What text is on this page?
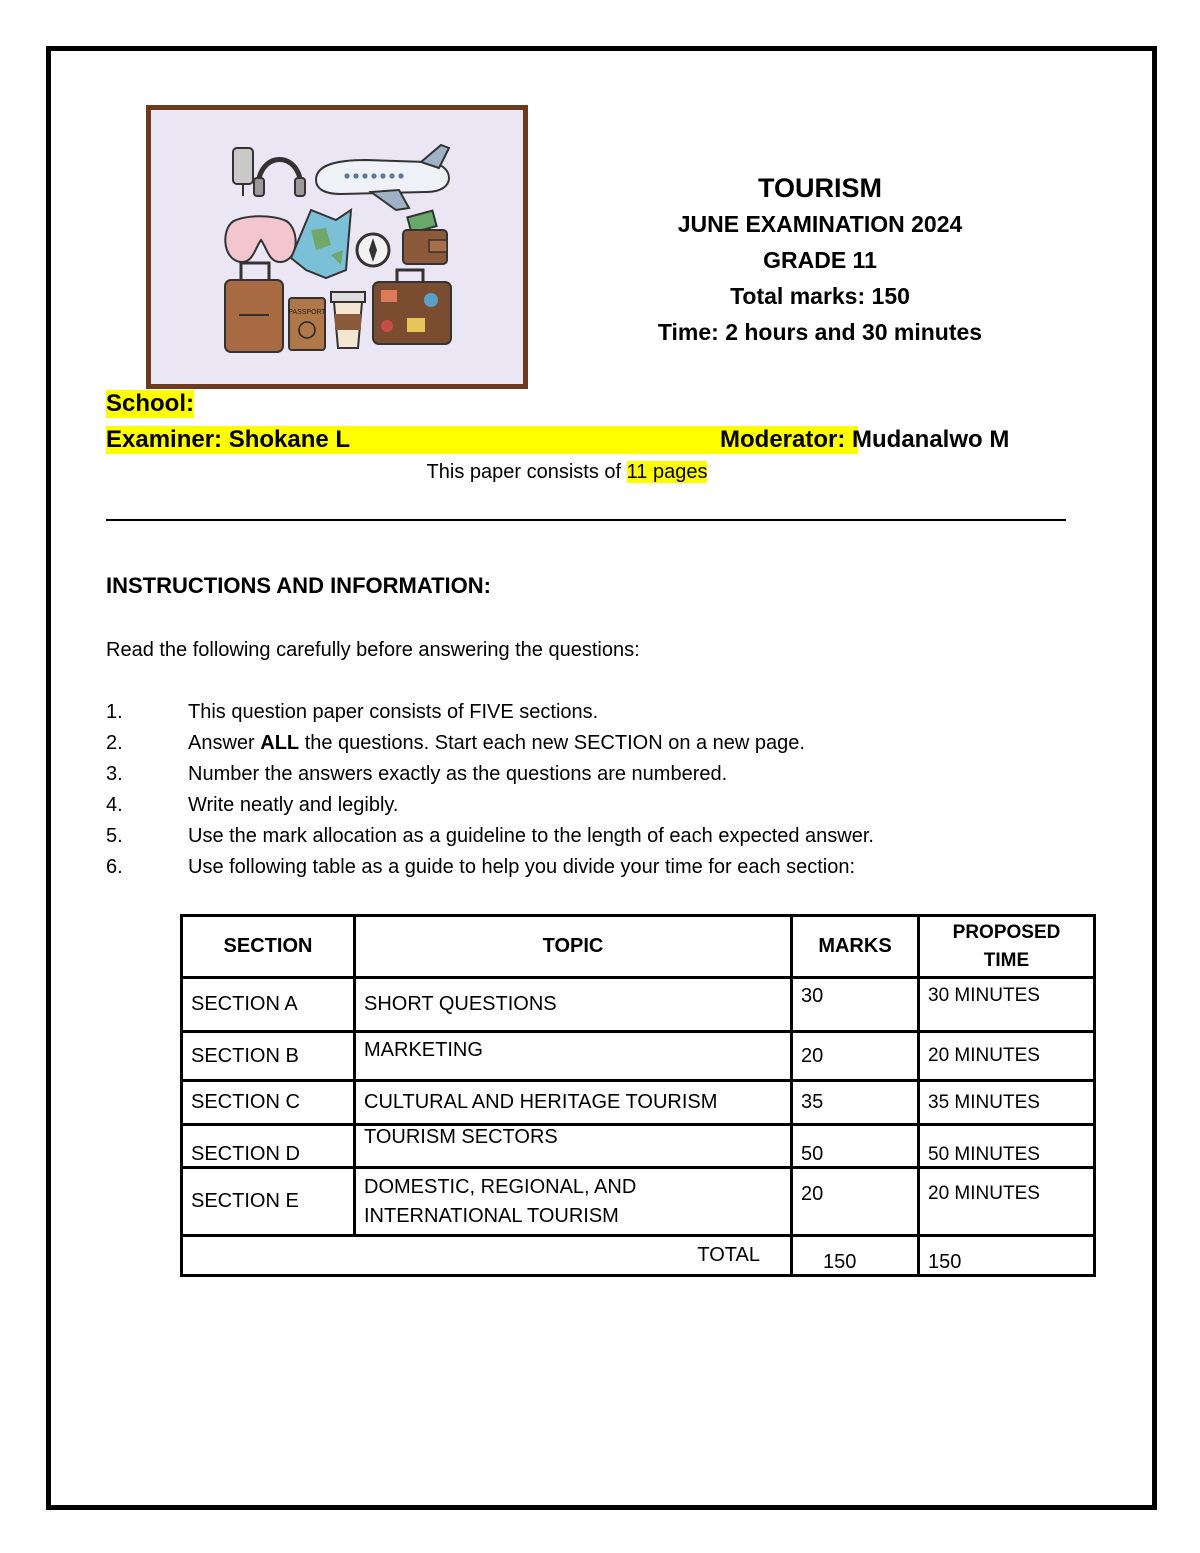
PASSPORT
TOURISM
JUNE EXAMINATION 2024
GRADE 11
Total marks: 150
Time: 2 hours and 30 minutes
School:
Examiner: Shokane L	Moderator: Mudanalwo M
This paper consists of 11 pages
INSTRUCTIONS AND INFORMATION:
Read the following carefully before answering the questions:
1.	This question paper consists of FIVE sections.
2.	Answer ALL the questions. Start each new SECTION on a new page.
3.	Number the answers exactly as the questions are numbered.
4.	Write neatly and legibly.
5.	Use the mark allocation as a guideline to the length of each expected answer.
6.	Use following table as a guide to help you divide your time for each section:
SECTION	TOPIC	MARKS	PROPOSED
TIME
SECTION A	SHORT QUESTIONS	30	30 MINUTES
SECTION B	MARKETING	20	20 MINUTES
SECTION C	CULTURAL AND HERITAGE TOURISM	35	35 MINUTES
SECTION D	TOURISM SECTORS	50	50 MINUTES
SECTION E	DOMESTIC, REGIONAL, AND
INTERNATIONAL TOURISM	20	20 MINUTES
TOTAL		150	150
